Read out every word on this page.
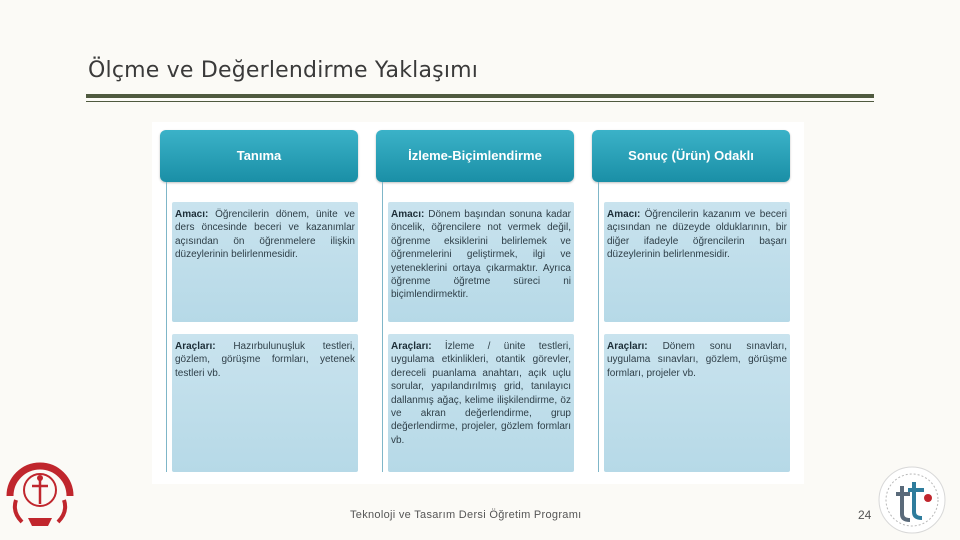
Ölçme ve Değerlendirme Yaklaşımı
Tanıma

Amacı: Öğrencilerin dönem, ünite ve ders öncesinde beceri ve kazanımlar açısından ön öğrenmelere ilişkin düzeylerinin belirlenmesidir.

Araçları: Hazırbulunuşluk testleri, gözlem, görüşme formları, yetenek testleri vb.

İzleme-Biçimlendirme

Amacı: Dönem başından sonuna kadar öncelik, öğrencilere not vermek değil, öğrenme eksiklerini belirlemek ve öğrenmelerini geliştirmek, ilgi ve yeteneklerini ortaya çıkarmaktır. Ayrıca öğrenme öğretme süreci ni biçimlendirmektir.

Araçları: İzleme / ünite testleri, uygulama etkinlikleri, otantik görevler, dereceli puanlama anahtarı, açık uçlu sorular, yapılandırılmış grid, tanılayıcı dallanmış ağaç, kelime ilişkilendirme, öz ve akran değerlendirme, grup değerlendirme, projeler, gözlem formları vb.

Sonuç (Ürün) Odaklı

Amacı: Öğrencilerin kazanım ve beceri açısından ne düzeyde olduklarının, bir diğer ifadeyle öğrencilerin başarı düzeylerinin belirlenmesidir.

Araçları: Dönem sonu sınavları, uygulama sınavları, gözlem, görüşme formları, projeler vb.

Teknoloji ve Tasarım Dersi Öğretim Programı	24
